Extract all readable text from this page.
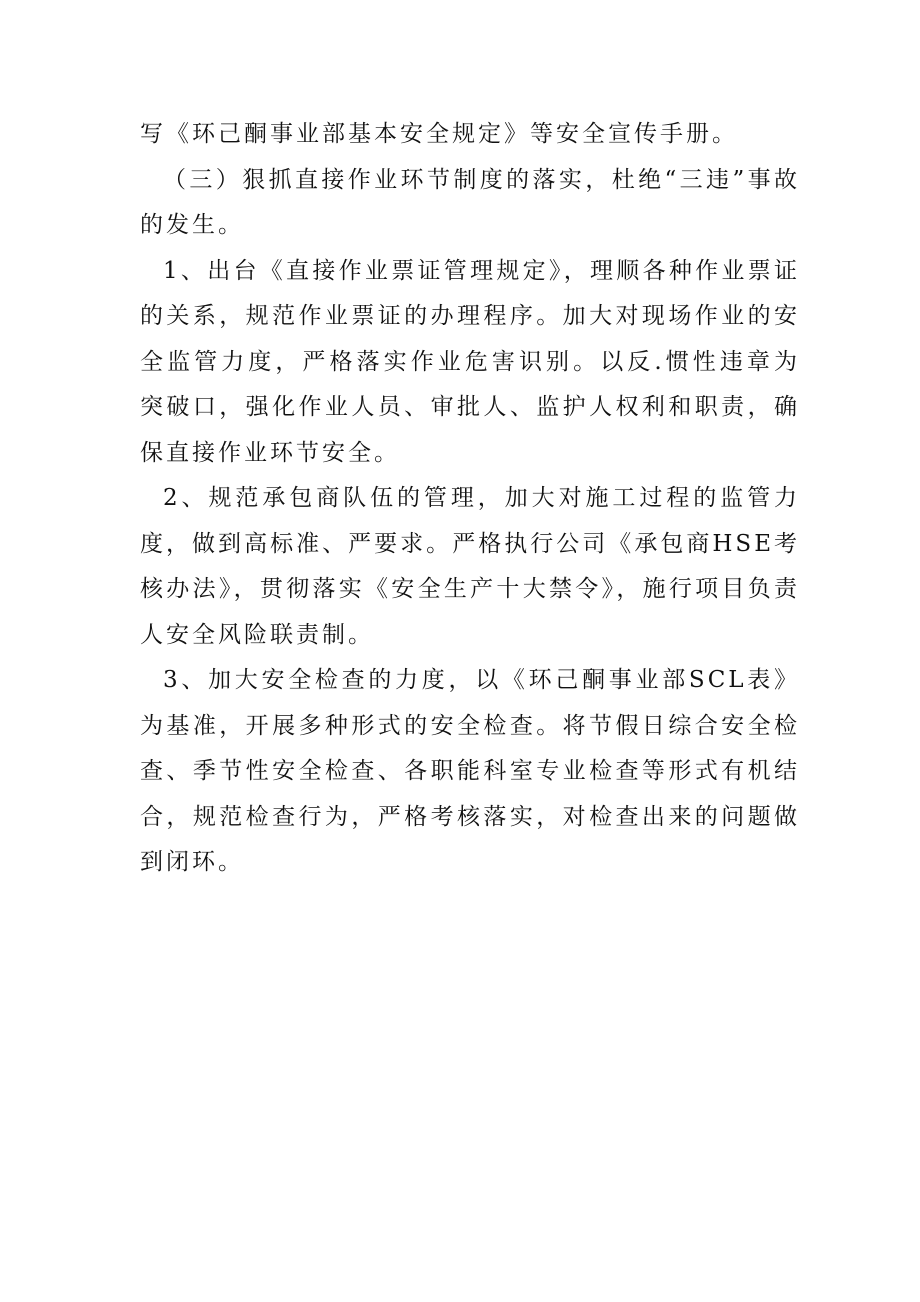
写《环己酮事业部基本安全规定》等安全宣传手册。

（三）狠抓直接作业环节制度的落实，杜绝“三违”事故的发生。

1、出台《直接作业票证管理规定》，理顺各种作业票证的关系，规范作业票证的办理程序。加大对现场作业的安全监管力度，严格落实作业危害识别。以反.惯性违章为突破口，强化作业人员、审批人、监护人权利和职责，确保直接作业环节安全。

2、规范承包商队伍的管理，加大对施工过程的监管力度，做到高标准、严要求。严格执行公司《承包商HSE考核办法》，贯彻落实《安全生产十大禁令》，施行项目负责人安全风险联责制。

3、加大安全检查的力度，以《环己酮事业部SCL表》为基准，开展多种形式的安全检查。将节假日综合安全检查、季节性安全检查、各职能科室专业检查等形式有机结合，规范检查行为，严格考核落实，对检查出来的问题做到闭环。
